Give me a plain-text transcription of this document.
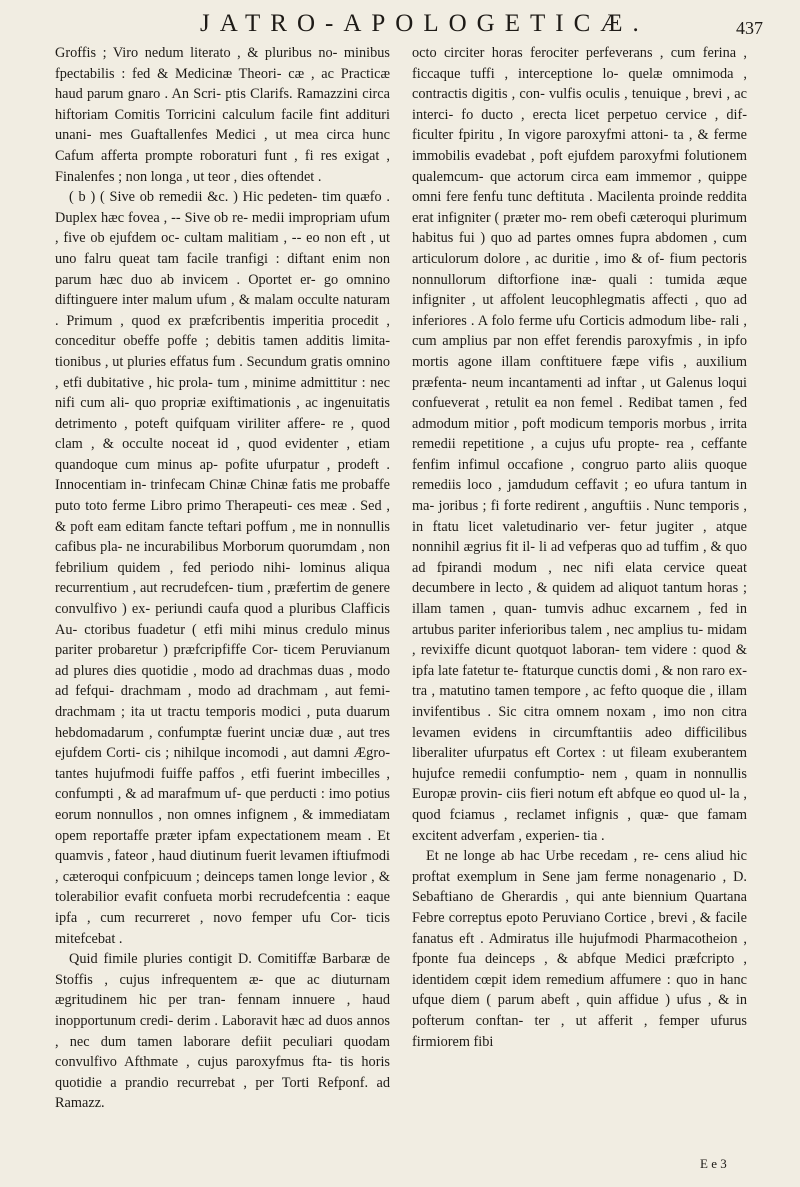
JATRO-APOLOGETICÆ.	437

Groffis ; Viro nedum literato , & pluribus no- minibus fpectabilis : fed & Medicinæ Theori- cæ , ac Practicæ haud parum gnaro . An Scri- ptis Clarifs. Ramazzini circa hiftoriam Comitis Torricini calculum facile fint addituri unani- mes Guaftallenfes Medici , ut mea circa hunc Cafum afferta prompte roboraturi funt , fi res exigat , Finalenfes ; non longa , ut teor , dies oftendet .

( b ) ( Sive ob remedii &c. ) Hic pedeten- tim quæfo . Duplex hæc fovea , -- Sive ob re- medii impropriam ufum , five ob ejufdem oc- cultam malitiam , -- eo non eft , ut uno falru queat tam facile tranfigi : diftant enim non parum hæc duo ab invicem . Oportet er- go omnino diftinguere inter malum ufum , & malam occulte naturam . Primum , quod ex præfcribentis imperitia procedit , conceditur obeffe poffe ; debitis tamen additis limita- tionibus , ut pluries effatus fum . Secundum gratis omnino , etfi dubitative , hic prola- tum , minime admittitur : nec nifi cum ali- quo propriæ exiftimationis , ac ingenuitatis detrimento , poteft quifquam viriliter affere- re , quod clam , & occulte noceat id , quod evidenter , etiam quandoque cum minus ap- pofite ufurpatur , prodeft . Innocentiam in- trinfecam Chinæ Chinæ fatis me probaffe puto toto ferme Libro primo Therapeuti- ces meæ . Sed , & poft eam editam fancte teftari poffum , me in nonnullis cafibus pla- ne incurabilibus Morborum quorumdam , non febrilium quidem , fed periodo nihi- lominus aliqua recurrentium , aut recrudefcen- tium , præfertim de genere convulfivo ) ex- periundi caufa quod a pluribus Clafficis Au- ctoribus fuadetur ( etfi mihi minus credulo minus pariter probaretur ) præfcripfiffe Cor- ticem Peruvianum ad plures dies quotidie , modo ad drachmas duas , modo ad fefqui- drachmam , modo ad drachmam , aut femi- drachmam ; ita ut tractu temporis modici , puta duarum hebdomadarum , confumptæ fuerint unciæ duæ , aut tres ejufdem Corti- cis ; nihilque incomodi , aut damni Ægro- tantes hujufmodi fuiffe paffos , etfi fuerint imbecilles , confumpti , & ad marafmum uf- que perducti : imo potius eorum nonnullos , non omnes infignem , & immediatam opem reportaffe præter ipfam expectationem meam . Et quamvis , fateor , haud diutinum fuerit levamen iftiufmodi , cæteroqui confpicuum ; deinceps tamen longe levior , & tolerabilior evafit confueta morbi recrudefcentia : eaque ipfa , cum recurreret , novo femper ufu Cor- ticis mitefcebat .

Quid fimile pluries contigit D. Comitiffæ Barbaræ de Stoffis , cujus infrequentem æ- que ac diuturnam ægritudinem hic per tran- fennam innuere , haud inopportunum credi- derim . Laboravit hæc ad duos annos , nec dum tamen laborare defiit peculiari quodam convulfivo Afthmate , cujus paroxyfmus fta- tis horis quotidie a prandio recurrebat , per Torti Refponf. ad Ramazz.

octo circiter horas ferociter perfeverans , cum ferina , ficcaque tuffi , interceptione lo- quelæ omnimoda , contractis digitis , con- vulfis oculis , tenuique , brevi , ac interci- fo ducto , erecta licet perpetuo cervice , dif- ficulter fpiritu , In vigore paroxyfmi attoni- ta , & ferme immobilis evadebat , poft ejufdem paroxyfmi folutionem qualemcum- que actorum circa eam immemor , quippe omni fere fenfu tunc deftituta . Macilenta proinde reddita erat infigniter ( præter mo- rem obefi cæteroqui plurimum habitus fui ) quo ad partes omnes fupra abdomen , cum articulorum dolore , ac duritie , imo & of- fium pectoris nonnullorum diftorfione inæ- quali : tumida æque infigniter , ut affolent leucophlegmatis affecti , quo ad inferiores . A folo ferme ufu Corticis admodum libe- rali , cum amplius par non effet ferendis paroxyfmis , in ipfo mortis agone illam conftituere fæpe vifis , auxilium præfenta- neum incantamenti ad inftar , ut Galenus loqui confueverat , retulit ea non femel . Redibat tamen , fed admodum mitior , poft modicum temporis morbus , irrita remedii repetitione , a cujus ufu propte- rea , ceffante fenfim infimul occafione , congruo parto aliis quoque remediis loco , jamdudum ceffavit ; eo ufura tantum in ma- joribus ; fi forte redirent , anguftiis . Nunc temporis , in ftatu licet valetudinario ver- fetur jugiter , atque nonnihil ægrius fit il- li ad vefperas quo ad tuffim , & quo ad fpirandi modum , nec nifi elata cervice queat decumbere in lecto , & quidem ad aliquot tantum horas ; illam tamen , quan- tumvis adhuc excarnem , fed in artubus pariter inferioribus talem , nec amplius tu- midam , revixiffe dicunt quotquot laboran- tem videre : quod & ipfa late fatetur te- ftaturque cunctis domi , & non raro ex- tra , matutino tamen tempore , ac fefto quoque die , illam invifentibus . Sic citra omnem noxam , imo non citra levamen evidens in circumftantiis adeo difficilibus liberaliter ufurpatus eft Cortex : ut fileam exuberantem hujufce remedii confumptio- nem , quam in nonnullis Europæ provin- ciis fieri notum eft abfque eo quod ul- la , quod fciamus , reclamet infignis , quæ- que famam excitent adverfam , experien- tia .

Et ne longe ab hac Urbe recedam , re- cens aliud hic proftat exemplum in Sene jam ferme nonagenario , D. Sebaftiano de Gherardis , qui ante biennium Quartana Febre correptus epoto Peruviano Cortice , brevi , & facile fanatus eft . Admiratus ille hujufmodi Pharmacotheion , fponte fua deinceps , & abfque Medici præfcripto , identidem cœpit idem remedium affumere : quo in hanc ufque diem ( parum abeft , quin affidue ) ufus , & in pofterum conftan- ter , ut afferit , femper ufurus firmiorem fibi

E e 3
